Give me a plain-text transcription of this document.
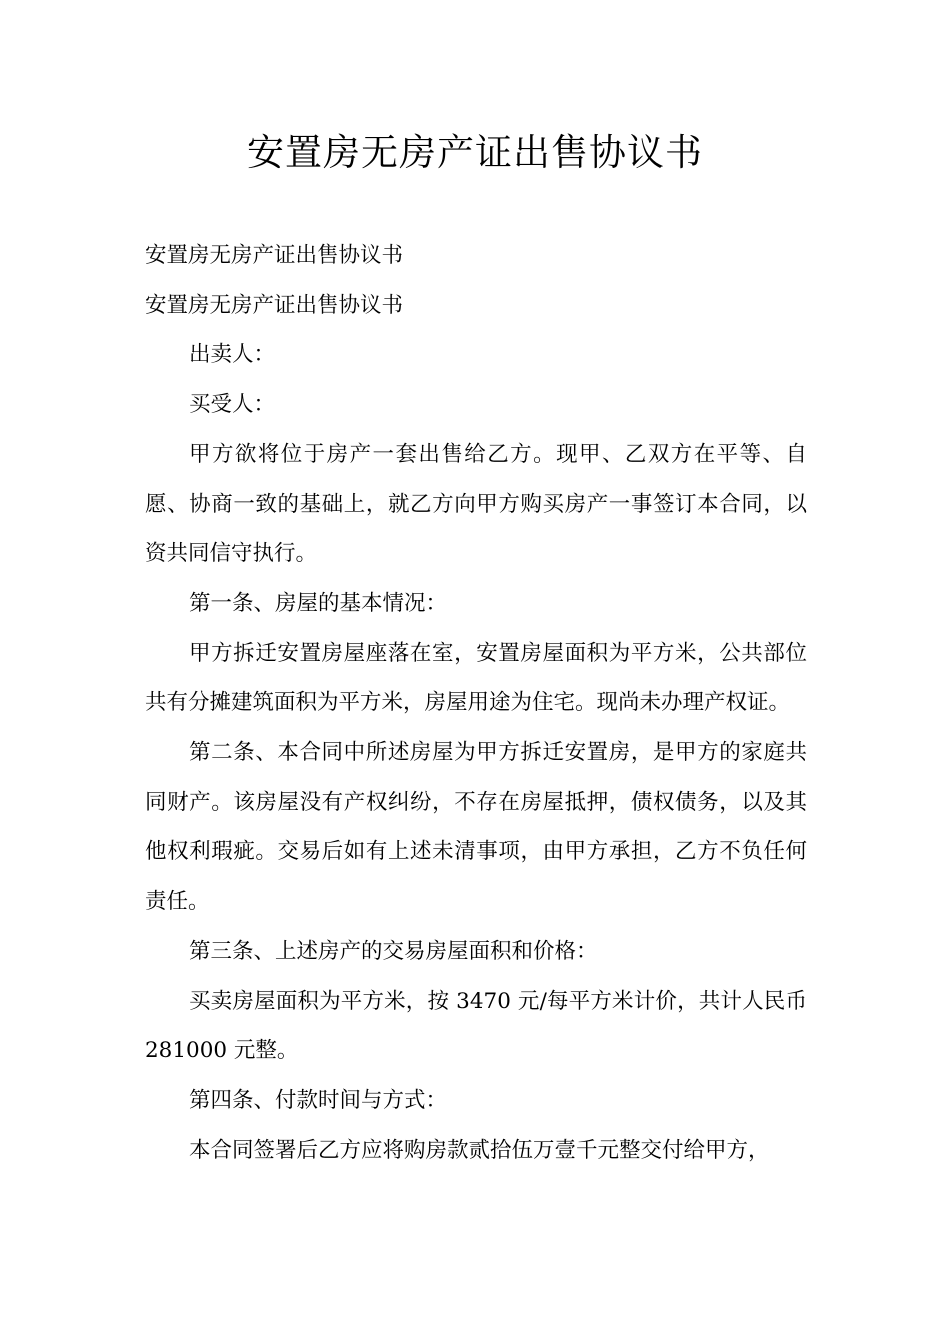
安置房无房产证出售协议书

安置房无房产证出售协议书

安置房无房产证出售协议书

出卖人：

买受人：

甲方欲将位于房产一套出售给乙方。现甲、乙双方在平等、自愿、协商一致的基础上，就乙方向甲方购买房产一事签订本合同，以资共同信守执行。

第一条、房屋的基本情况：

甲方拆迁安置房屋座落在室，安置房屋面积为平方米，公共部位共有分摊建筑面积为平方米，房屋用途为住宅。现尚未办理产权证。

第二条、本合同中所述房屋为甲方拆迁安置房，是甲方的家庭共同财产。该房屋没有产权纠纷，不存在房屋抵押，债权债务，以及其他权利瑕疵。交易后如有上述未清事项，由甲方承担，乙方不负任何责任。

第三条、上述房产的交易房屋面积和价格：

买卖房屋面积为平方米，按 3470 元/每平方米计价，共计人民币 281000 元整。

第四条、付款时间与方式：

本合同签署后乙方应将购房款贰拾伍万壹千元整交付给甲方，
